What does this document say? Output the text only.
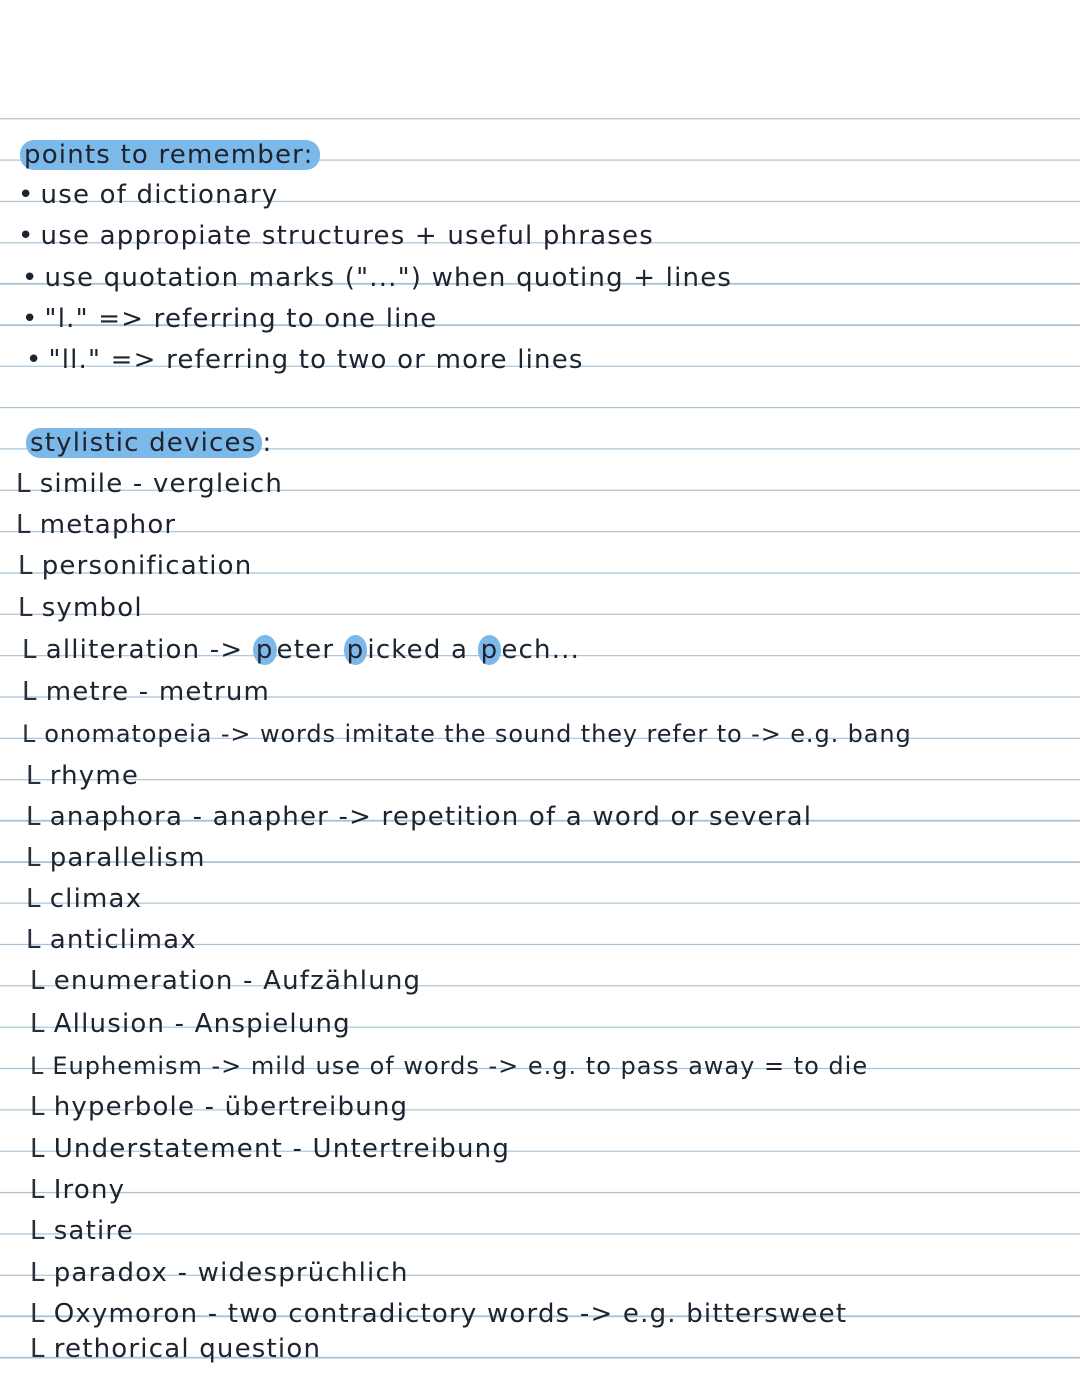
points to remember:
• use of dictionary
• use appropiate structures + useful phrases
• use quotation marks ("...") when quoting + lines
• "l." => referring to one line
• "ll." => referring to two or more lines
stylistic devices :
L simile - vergleich
L metaphor
L personification
L symbol
L alliteration -> p eter p icked a p ech...
L metre - metrum
L onomatopeia -> words imitate the sound they refer to -> e.g. bang
L rhyme
L anaphora - anapher -> repetition of a word or several
L parallelism
L climax
L anticlimax
L enumeration - Aufzählung
L Allusion - Anspielung
L Euphemism -> mild use of words -> e.g. to pass away = to die
L hyperbole - übertreibung
L Understatement - Untertreibung
L Irony
L satire
L paradox - widesprüchlich
L Oxymoron - two contradictory words -> e.g. bittersweet
L rethorical question
